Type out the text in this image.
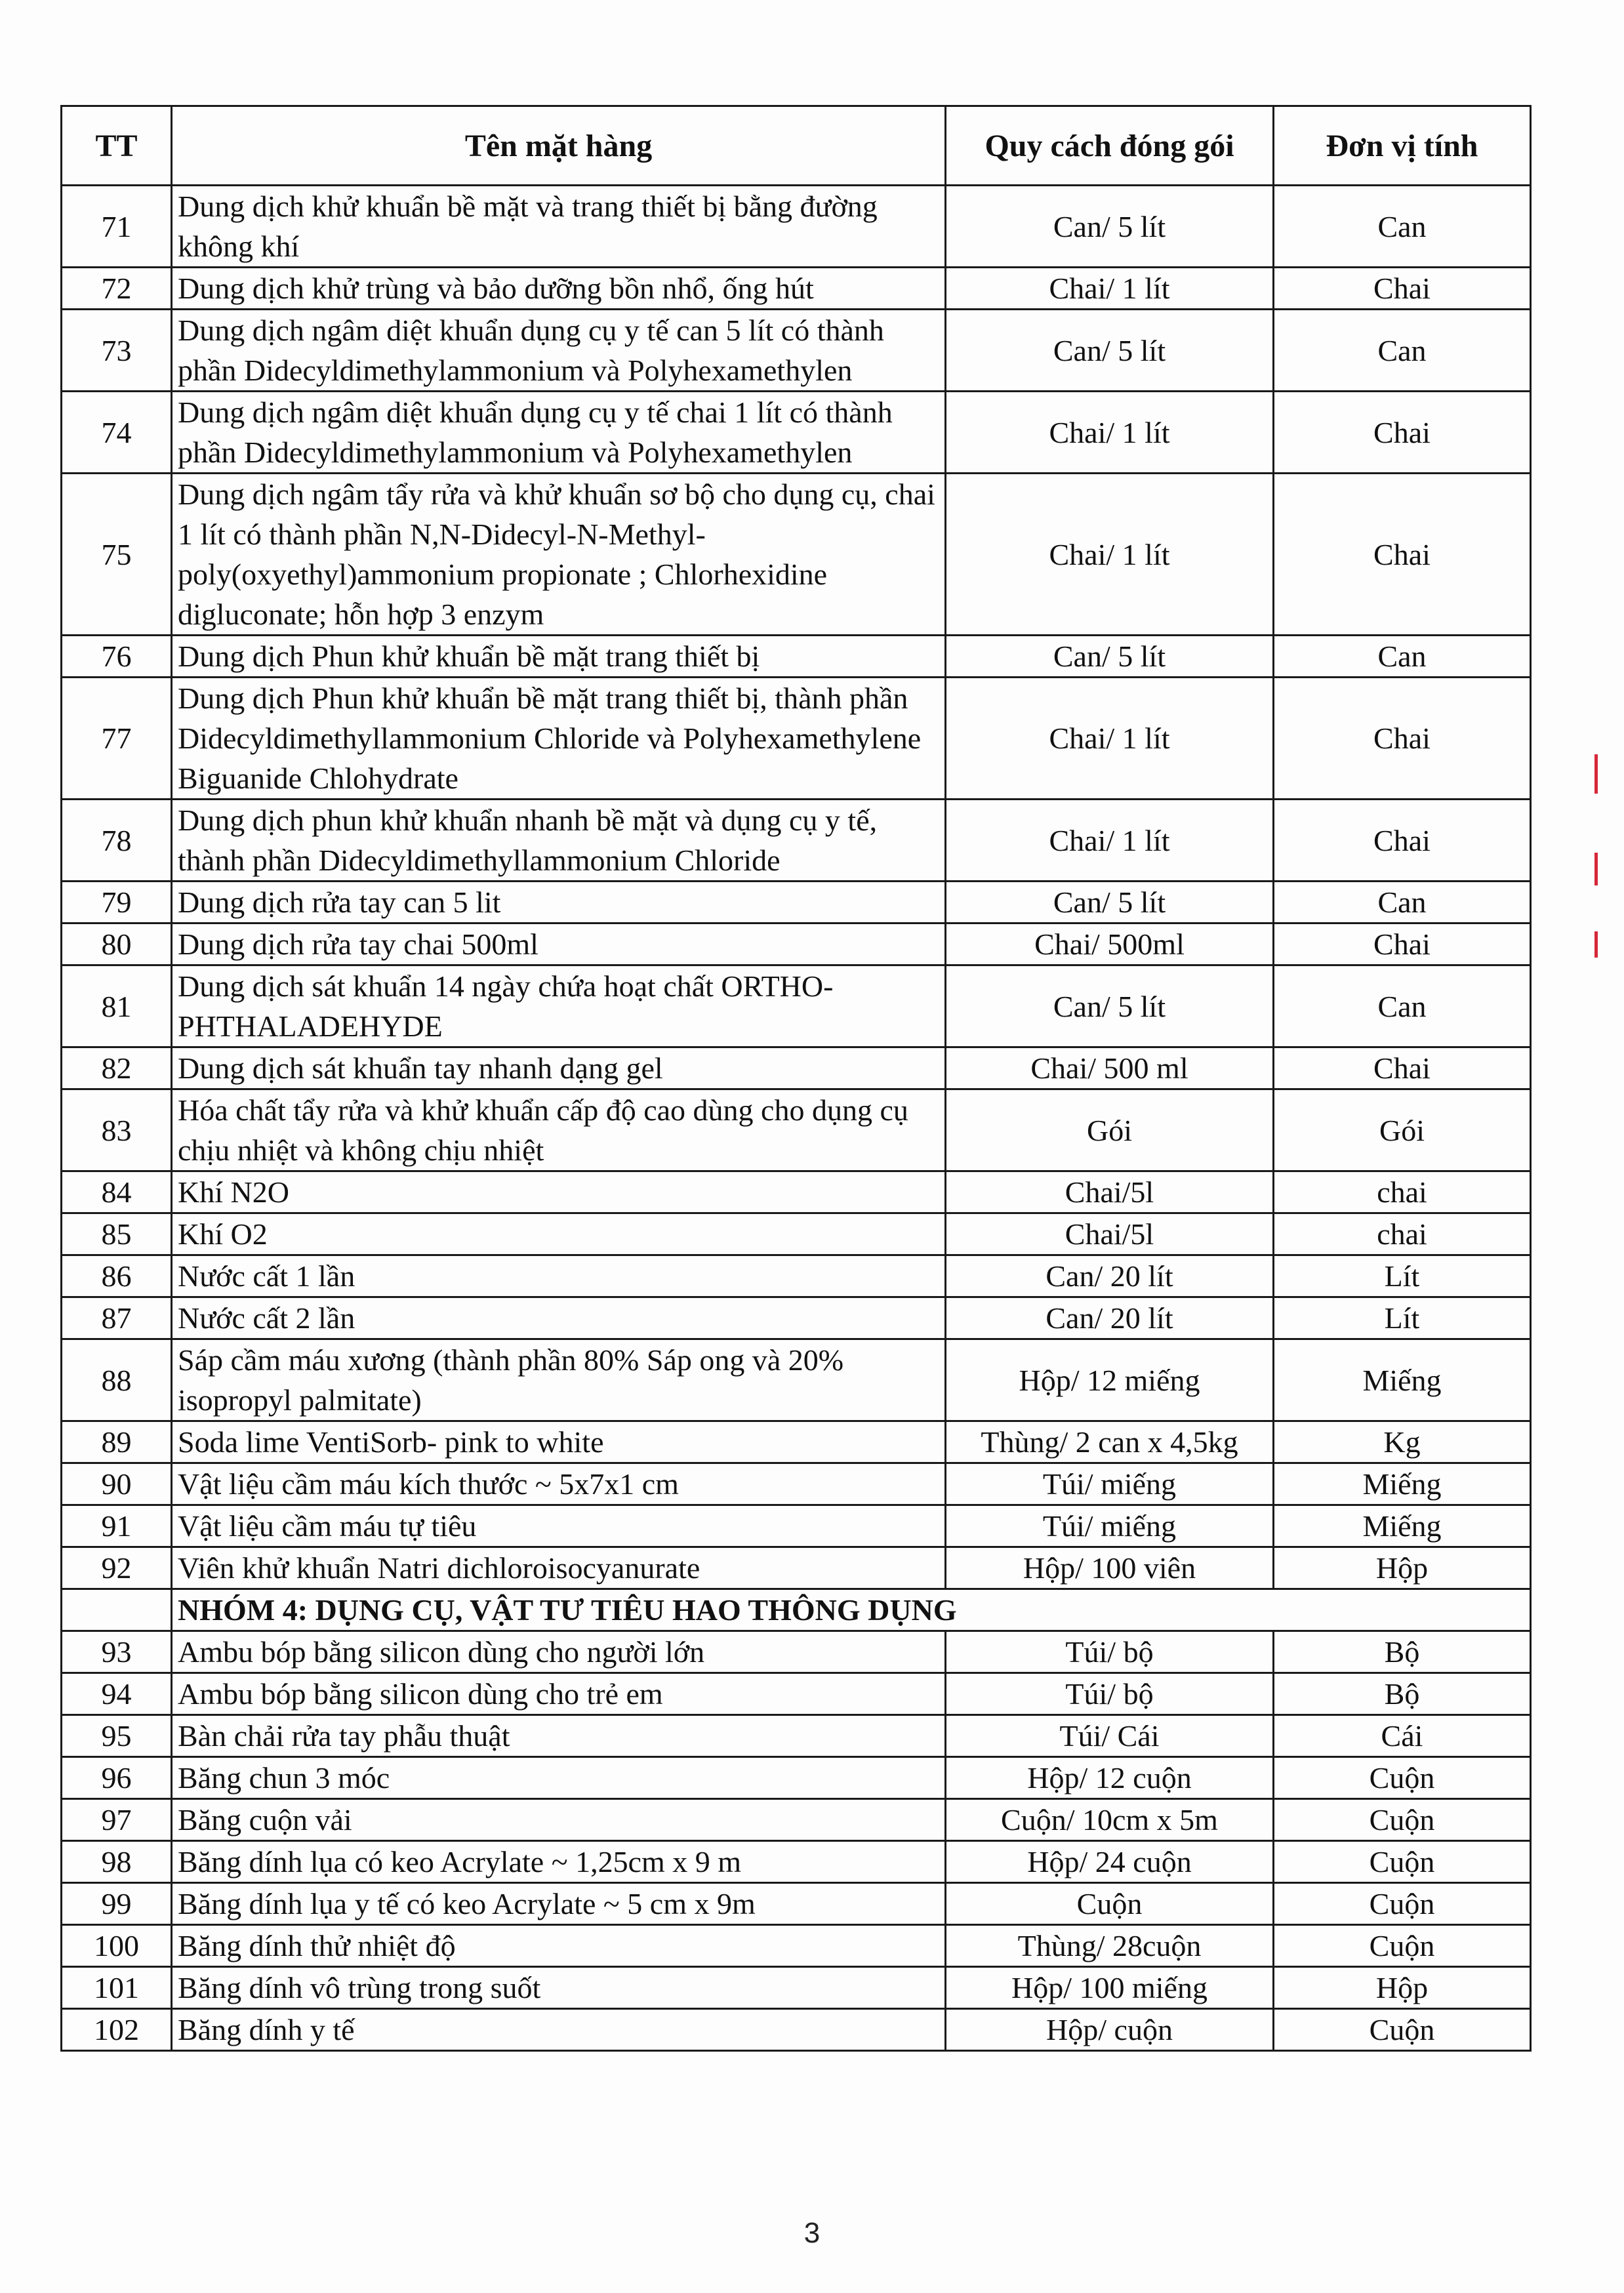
TT	Tên mặt hàng	Quy cách đóng gói	Đơn vị tính
71	Dung dịch khử khuẩn bề mặt và trang thiết bị bằng đường không khí	Can/ 5 lít	Can
72	Dung dịch khử trùng và bảo dưỡng bồn nhổ, ống hút	Chai/ 1 lít	Chai
73	Dung dịch ngâm diệt khuẩn dụng cụ y tế can 5 lít có thành phần Didecyldimethylammonium và Polyhexamethylen	Can/ 5 lít	Can
74	Dung dịch ngâm diệt khuẩn dụng cụ y tế chai 1 lít có thành phần Didecyldimethylammonium và Polyhexamethylen	Chai/ 1 lít	Chai
75	Dung dịch ngâm tẩy rửa và khử khuẩn sơ bộ cho dụng cụ, chai 1 lít có thành phần N,N-Didecyl-N-Methyl-poly(oxyethyl)ammonium propionate ; Chlorhexidine digluconate; hỗn hợp 3 enzym	Chai/ 1 lít	Chai
76	Dung dịch Phun khử khuẩn bề mặt trang thiết bị	Can/ 5 lít	Can
77	Dung dịch Phun khử khuẩn bề mặt trang thiết bị, thành phần Didecyldimethyllammonium Chloride và Polyhexamethylene Biguanide Chlohydrate	Chai/ 1 lít	Chai
78	Dung dịch phun khử khuẩn nhanh bề mặt và dụng cụ y tế, thành phần Didecyldimethyllammonium Chloride	Chai/ 1 lít	Chai
79	Dung dịch rửa tay can 5 lit	Can/ 5 lít	Can
80	Dung dịch rửa tay chai 500ml	Chai/ 500ml	Chai
81	Dung dịch sát khuẩn 14 ngày chứa hoạt chất ORTHO-PHTHALADEHYDE	Can/ 5 lít	Can
82	Dung dịch sát khuẩn tay nhanh dạng gel	Chai/ 500 ml	Chai
83	Hóa chất tẩy rửa và khử khuẩn cấp độ cao dùng cho dụng cụ chịu nhiệt và không chịu nhiệt	Gói	Gói
84	Khí N2O	Chai/5l	chai
85	Khí O2	Chai/5l	chai
86	Nước cất 1 lần	Can/ 20 lít	Lít
87	Nước cất 2 lần	Can/ 20 lít	Lít
88	Sáp cầm máu xương (thành phần 80% Sáp ong và 20% isopropyl palmitate)	Hộp/ 12 miếng	Miếng
89	Soda lime VentiSorb- pink to white	Thùng/ 2 can x 4,5kg	Kg
90	Vật liệu cầm máu kích thước ~ 5x7x1 cm	Túi/ miếng	Miếng
91	Vật liệu cầm máu tự tiêu	Túi/ miếng	Miếng
92	Viên khử khuẩn Natri dichloroisocyanurate	Hộp/ 100 viên	Hộp
	NHÓM 4: DỤNG CỤ, VẬT TƯ TIÊU HAO THÔNG DỤNG		
93	Ambu bóp bằng silicon dùng cho người lớn	Túi/ bộ	Bộ
94	Ambu bóp bằng silicon dùng cho trẻ em	Túi/ bộ	Bộ
95	Bàn chải rửa tay phẫu thuật	Túi/ Cái	Cái
96	Băng chun 3 móc	Hộp/ 12 cuộn	Cuộn
97	Băng cuộn vải	Cuộn/ 10cm x 5m	Cuộn
98	Băng dính lụa có keo Acrylate ~ 1,25cm x 9 m	Hộp/ 24 cuộn	Cuộn
99	Băng dính lụa y tế có keo Acrylate ~ 5 cm x 9m	Cuộn	Cuộn
100	Băng dính thử nhiệt độ	Thùng/ 28cuộn	Cuộn
101	Băng dính vô trùng trong suốt	Hộp/ 100 miếng	Hộp
102	Băng dính y tế	Hộp/ cuộn	Cuộn
3
